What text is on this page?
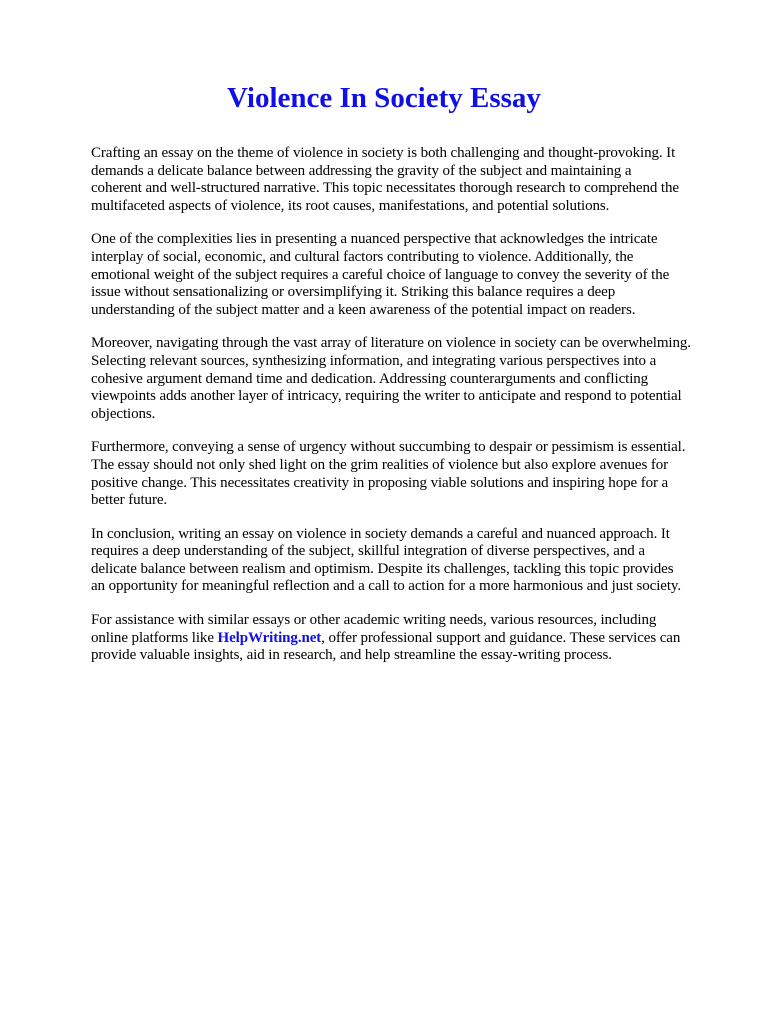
Violence In Society Essay

Crafting an essay on the theme of violence in society is both challenging and thought-provoking. It
demands a delicate balance between addressing the gravity of the subject and maintaining a
coherent and well-structured narrative. This topic necessitates thorough research to comprehend the
multifaceted aspects of violence, its root causes, manifestations, and potential solutions.

One of the complexities lies in presenting a nuanced perspective that acknowledges the intricate
interplay of social, economic, and cultural factors contributing to violence. Additionally, the
emotional weight of the subject requires a careful choice of language to convey the severity of the
issue without sensationalizing or oversimplifying it. Striking this balance requires a deep
understanding of the subject matter and a keen awareness of the potential impact on readers.

Moreover, navigating through the vast array of literature on violence in society can be overwhelming.
Selecting relevant sources, synthesizing information, and integrating various perspectives into a
cohesive argument demand time and dedication. Addressing counterarguments and conflicting
viewpoints adds another layer of intricacy, requiring the writer to anticipate and respond to potential
objections.

Furthermore, conveying a sense of urgency without succumbing to despair or pessimism is essential.
The essay should not only shed light on the grim realities of violence but also explore avenues for
positive change. This necessitates creativity in proposing viable solutions and inspiring hope for a
better future.

In conclusion, writing an essay on violence in society demands a careful and nuanced approach. It
requires a deep understanding of the subject, skillful integration of diverse perspectives, and a
delicate balance between realism and optimism. Despite its challenges, tackling this topic provides
an opportunity for meaningful reflection and a call to action for a more harmonious and just society.

For assistance with similar essays or other academic writing needs, various resources, including
online platforms like HelpWriting.net, offer professional support and guidance. These services can
provide valuable insights, aid in research, and help streamline the essay-writing process.
